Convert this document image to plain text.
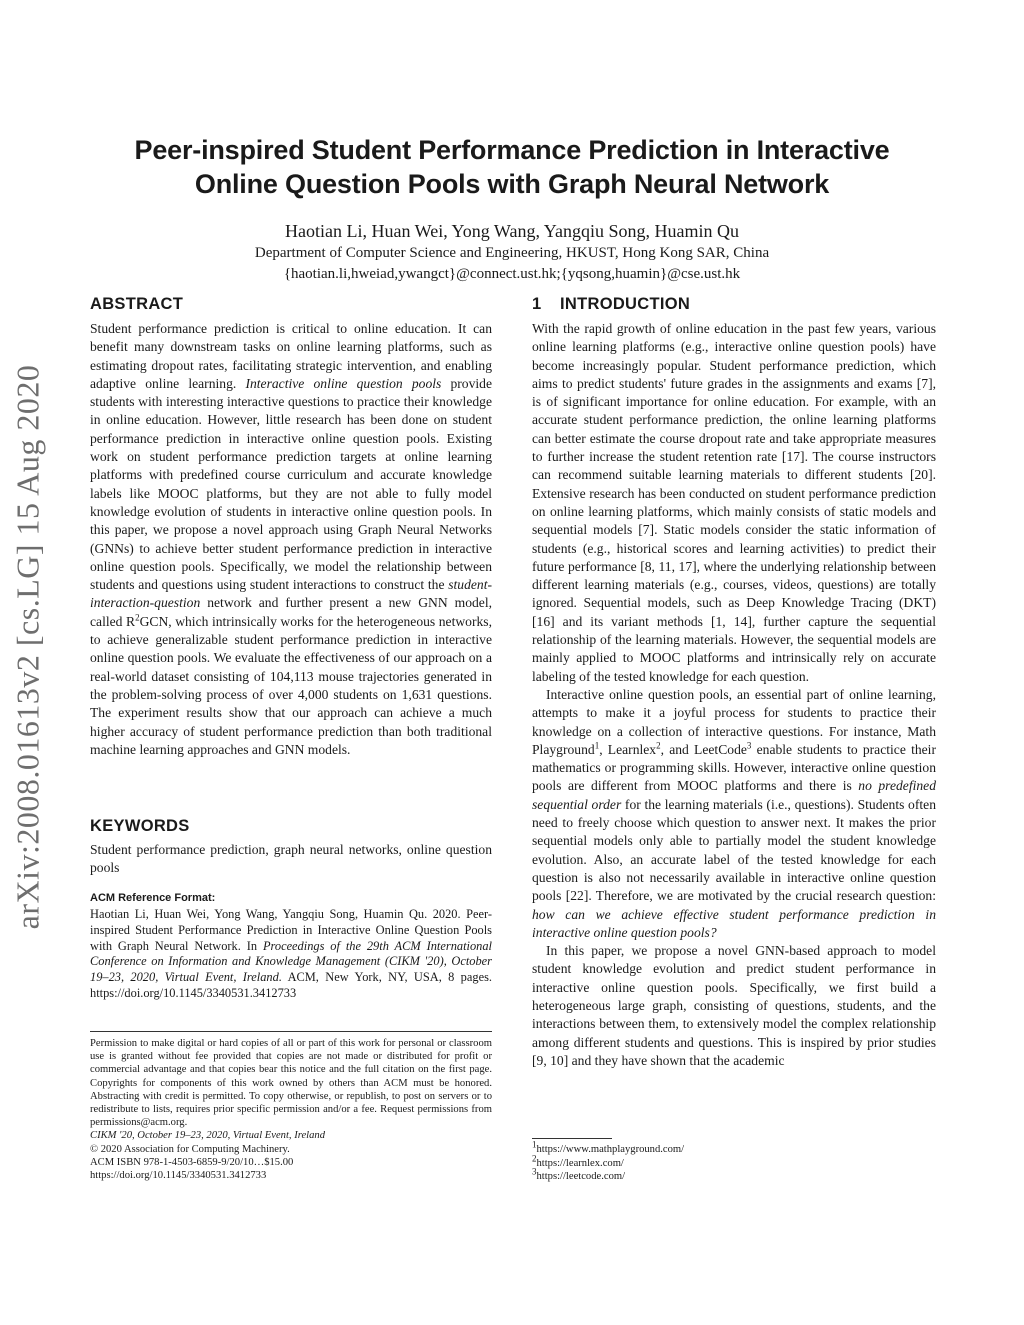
arXiv:2008.01613v2 [cs.LG] 15 Aug 2020
Peer-inspired Student Performance Prediction in Interactive
Online Question Pools with Graph Neural Network
Haotian Li, Huan Wei, Yong Wang, Yangqiu Song, Huamin Qu
Department of Computer Science and Engineering, HKUST, Hong Kong SAR, China
{haotian.li,hweiad,ywangct}@connect.ust.hk;{yqsong,huamin}@cse.ust.hk
ABSTRACT

Student performance prediction is critical to online education. It can benefit many downstream tasks on online learning platforms, such as estimating dropout rates, facilitating strategic intervention, and enabling adaptive online learning. Interactive online question pools provide students with interesting interactive questions to practice their knowledge in online education. However, little research has been done on student performance prediction in interactive online question pools. Existing work on student performance prediction targets at online learning platforms with predefined course curriculum and accurate knowledge labels like MOOC platforms, but they are not able to fully model knowledge evolution of students in interactive online question pools. In this paper, we propose a novel approach using Graph Neural Networks (GNNs) to achieve better student performance prediction in interactive online question pools. Specifically, we model the relationship between students and questions using student interactions to construct the student-interaction-question network and further present a new GNN model, called $R^2GCN$, which intrinsically works for the heterogeneous networks, to achieve generalizable student performance prediction in interactive online question pools. We evaluate the effectiveness of our approach on a real-world dataset consisting of 104,113 mouse trajectories generated in the problem-solving process of over 4,000 students on 1,631 questions. The experiment results show that our approach can achieve a much higher accuracy of student performance prediction than both traditional machine learning approaches and GNN models.

KEYWORDS
Student performance prediction, graph neural networks, online question pools
ACM Reference Format:
Haotian Li, Huan Wei, Yong Wang, Yangqiu Song, Huamin Qu. 2020. Peer-inspired Student Performance Prediction in Interactive Online Question Pools with Graph Neural Network. In Proceedings of the 29th ACM International Conference on Information and Knowledge Management (CIKM '20), October 19–23, 2020, Virtual Event, Ireland. ACM, New York, NY, USA, 8 pages. https://doi.org/10.1145/3340531.3412733

Permission to make digital or hard copies of all or part of this work for personal or classroom use is granted without fee provided that copies are not made or distributed for profit or commercial advantage and that copies bear this notice and the full citation on the first page. Copyrights for components of this work owned by others than ACM must be honored. Abstracting with credit is permitted. To copy otherwise, or republish, to post on servers or to redistribute to lists, requires prior specific permission and/or a fee. Request permissions from permissions@acm.org.

CIKM '20, October 19–23, 2020, Virtual Event, Ireland

© 2020 Association for Computing Machinery.

ACM ISBN 978-1-4503-6859-9/20/10…$15.00

https://doi.org/10.1145/3340531.3412733

1 INTRODUCTION

With the rapid growth of online education in the past few years, various online learning platforms (e.g., interactive online question pools) have become increasingly popular. Student performance prediction, which aims to predict students' future grades in the assignments and exams [7], is of significant importance for online education. For example, with an accurate student performance prediction, the online learning platforms can better estimate the course dropout rate and take appropriate measures to further increase the student retention rate [17]. The course instructors can recommend suitable learning materials to different students [20]. Extensive research has been conducted on student performance prediction on online learning platforms, which mainly consists of static models and sequential models [7]. Static models consider the static information of students (e.g., historical scores and learning activities) to predict their future performance [8, 11, 17], where the underlying relationship between different learning materials (e.g., courses, videos, questions) are totally ignored. Sequential models, such as Deep Knowledge Tracing (DKT) [16] and its variant methods [1, 14], further capture the sequential relationship of the learning materials. However, the sequential models are mainly applied to MOOC platforms and intrinsically rely on accurate labeling of the tested knowledge for each question.

Interactive online question pools, an essential part of online learning, attempts to make it a joyful process for students to practice their knowledge on a collection of interactive questions. For instance, Math Playground$^1$, Learnlex$^2$, and LeetCode$^3$ enable students to practice their mathematics or programming skills. However, interactive online question pools are different from MOOC platforms and there is no predefined sequential order for the learning materials (i.e., questions). Students often need to freely choose which question to answer next. It makes the prior sequential models only able to partially model the student knowledge evolution. Also, an accurate label of the tested knowledge for each question is also not necessarily available in interactive online question pools [22]. Therefore, we are motivated by the crucial research question: how can we achieve effective student performance prediction in interactive online question pools?

In this paper, we propose a novel GNN-based approach to model student knowledge evolution and predict student performance in interactive online question pools. Specifically, we first build a heterogeneous large graph, consisting of questions, students, and the interactions between them, to extensively model the complex relationship among different students and questions. This is inspired by prior studies [9, 10] and they have shown that the academic

$^1$https://www.mathplayground.com/
$^2$https://learnlex.com/
$^3$https://leetcode.com/
